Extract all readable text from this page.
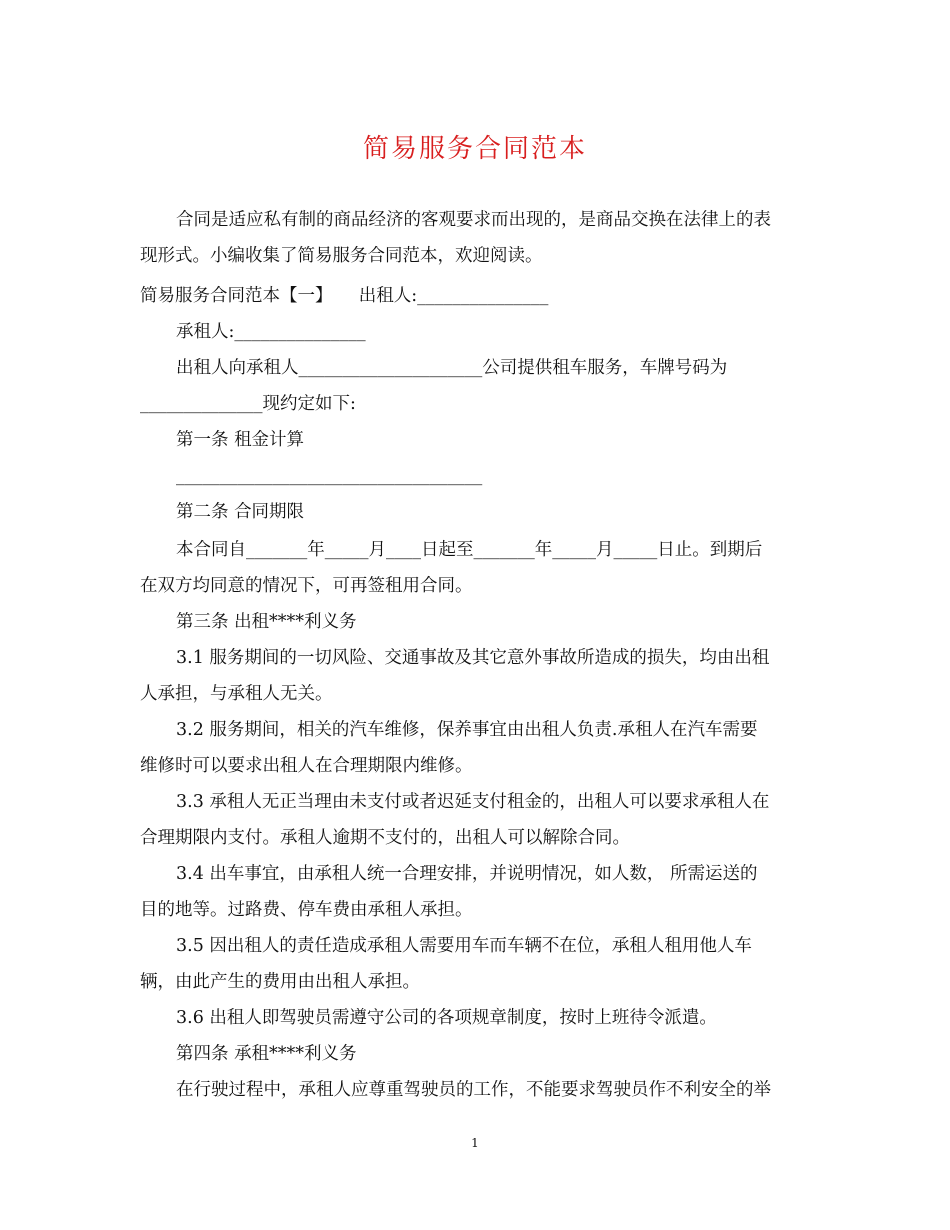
简易服务合同范本
合同是适应私有制的商品经济的客观要求而出现的，是商品交换在法律上的表
现形式。小编收集了简易服务合同范本，欢迎阅读。
简易服务合同范本【一】　　出租人:_______________
承租人:_______________
出租人向承租人_____________________公司提供租车服务，车牌号码为
______________现约定如下:
第一条 租金计算
___________________________________
第二条 合同期限
本合同自_______年_____月____日起至_______年_____月_____日止。到期后
在双方均同意的情况下，可再签租用合同。
第三条 出租****利义务
3.1 服务期间的一切风险、交通事故及其它意外事故所造成的损失，均由出租
人承担，与承租人无关。
3.2 服务期间，相关的汽车维修，保养事宜由出租人负责.承租人在汽车需要
维修时可以要求出租人在合理期限内维修。
3.3 承租人无正当理由未支付或者迟延支付租金的，出租人可以要求承租人在
合理期限内支付。承租人逾期不支付的，出租人可以解除合同。
3.4 出车事宜，由承租人统一合理安排，并说明情况，如人数， 所需运送的
目的地等。过路费、停车费由承租人承担。
3.5 因出租人的责任造成承租人需要用车而车辆不在位，承租人租用他人车
辆，由此产生的费用由出租人承担。
3.6 出租人即驾驶员需遵守公司的各项规章制度，按时上班待令派遣。
第四条 承租****利义务
在行驶过程中，承租人应尊重驾驶员的工作，不能要求驾驶员作不利安全的举
1
